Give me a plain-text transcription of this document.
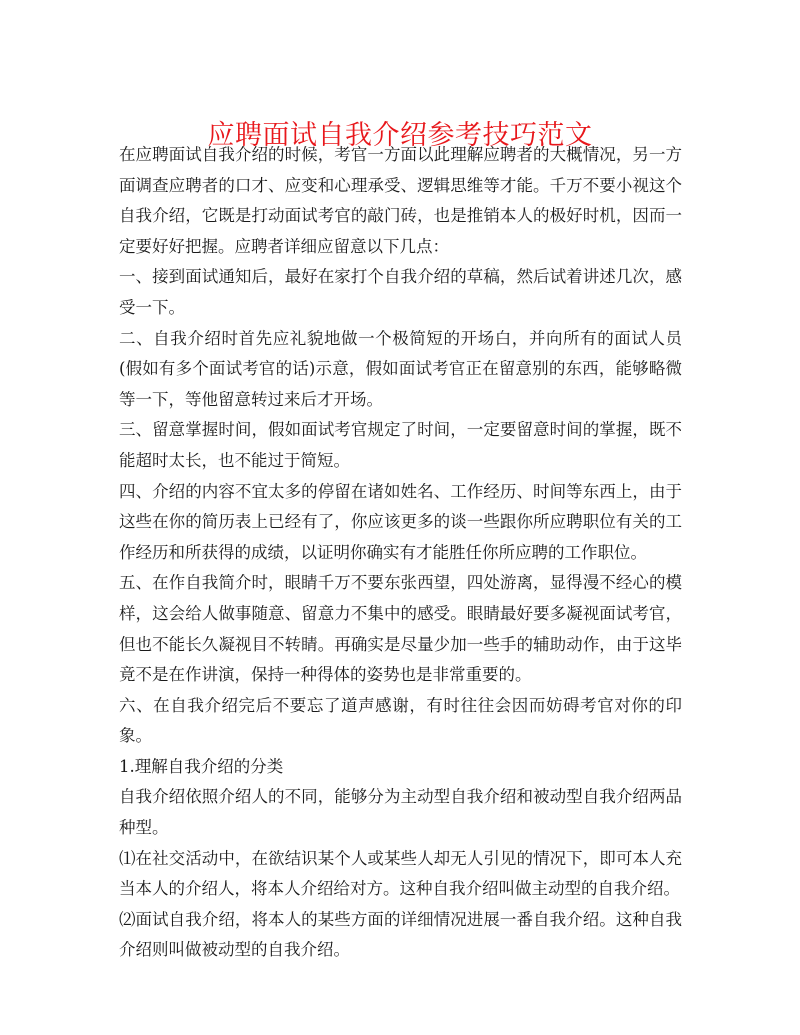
应聘面试自我介绍参考技巧范文

在应聘面试自我介绍的时候，考官一方面以此理解应聘者的大概情况，另一方面调查应聘者的口才、应变和心理承受、逻辑思维等才能。千万不要小视这个自我介绍，它既是打动面试考官的敲门砖，也是推销本人的极好时机，因而一定要好好把握。应聘者详细应留意以下几点：

一、接到面试通知后，最好在家打个自我介绍的草稿，然后试着讲述几次，感受一下。

二、自我介绍时首先应礼貌地做一个极简短的开场白，并向所有的面试人员(假如有多个面试考官的话)示意，假如面试考官正在留意别的东西，能够略微等一下，等他留意转过来后才开场。

三、留意掌握时间，假如面试考官规定了时间，一定要留意时间的掌握，既不能超时太长，也不能过于简短。

四、介绍的内容不宜太多的停留在诸如姓名、工作经历、时间等东西上，由于这些在你的简历表上已经有了，你应该更多的谈一些跟你所应聘职位有关的工作经历和所获得的成绩，以证明你确实有才能胜任你所应聘的工作职位。

五、在作自我简介时，眼睛千万不要东张西望，四处游离，显得漫不经心的模样，这会给人做事随意、留意力不集中的感受。眼睛最好要多凝视面试考官，但也不能长久凝视目不转睛。再确实是尽量少加一些手的辅助动作，由于这毕竟不是在作讲演，保持一种得体的姿势也是非常重要的。

六、在自我介绍完后不要忘了道声感谢，有时往往会因而妨碍考官对你的印象。

1.理解自我介绍的分类

自我介绍依照介绍人的不同，能够分为主动型自我介绍和被动型自我介绍两品种型。

⑴在社交活动中，在欲结识某个人或某些人却无人引见的情况下，即可本人充当本人的介绍人，将本人介绍给对方。这种自我介绍叫做主动型的自我介绍。

⑵面试自我介绍，将本人的某些方面的详细情况进展一番自我介绍。这种自我介绍则叫做被动型的自我介绍。
